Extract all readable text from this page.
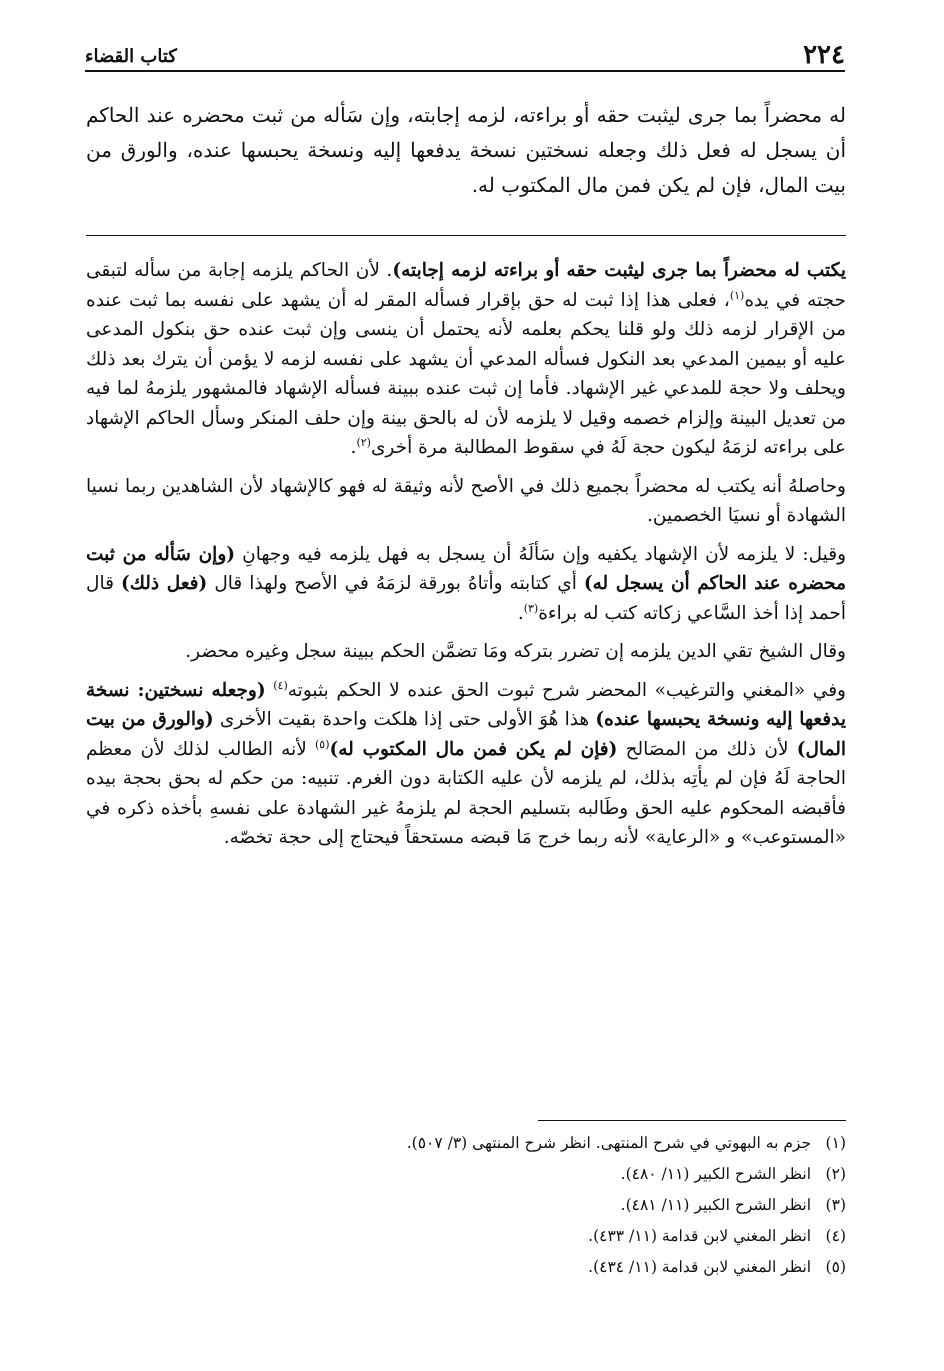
٢٢٤
كتاب القضاء
له محضراً بما جرى ليثبت حقه أو براءته، لزمه إجابته، وإن سَأله من ثبت محضره عند الحاكم أن يسجل له فعل ذلك وجعله نسختين نسخة يدفعها إليه ونسخة يحبسها عنده، والورق من بيت المال، فإن لم يكن فمن مال المكتوب له.

يكتب له محضراً بما جرى ليثبت حقه أو براءته لزمه إجابته). لأن الحاكم يلزمه إجابة من سأله لتبقى حجته في يده$^{(١)}$، فعلى هذا إذا ثبت له حق بإقرار فسأله المقر له أن يشهد على نفسه بما ثبت عنده من الإقرار لزمه ذلك ولو قلنا يحكم بعلمه لأنه يحتمل أن ينسى وإن ثبت عنده حق بنكول المدعى عليه أو بيمين المدعي بعد النكول فسأله المدعي أن يشهد على نفسه لزمه لا يؤمن أن يترك بعد ذلك ويحلف ولا حجة للمدعي غير الإشهاد. فأما إن ثبت عنده ببينة فسأله الإشهاد فالمشهور يلزمهُ لما فيه من تعديل البينة وإلزام خصمه وقيل لا يلزمه لأن له بالحق بينة وإن حلف المنكر وسأل الحاكم الإشهاد على براءته لزمَهُ ليكون حجة لَهُ في سقوط المطالبة مرة أخرى$^{(٢)}$.

وحاصلهُ أنه يكتب له محضراً بجميع ذلك في الأصح لأنه وثيقة له فهو كالإشهاد لأن الشاهدين ربما نسيا الشهادة أو نسيَا الخصمين.

وقيل: لا يلزمه لأن الإشهاد يكفيه وإن سَألَهُ أن يسجل به فهل يلزمه فيه وجهانِ (وإن سَأله من ثبت محضره عند الحاكم أن يسجل له) أي كتابته وأتاهُ بورقة لزمَهُ في الأصح ولهذا قال (فعل ذلك) قال أحمد إذا أخذ السَّاعي زكاته كتب له براءة$^{(٣)}$.

وقال الشيخ تقي الدين يلزمه إن تضرر بتركه ومَا تضمَّن الحكم ببينة سجل وغيره محضر.

وفي «المغني والترغيب» المحضر شرح ثبوت الحق عنده لا الحكم بثبوته$^{(٤)}$ (وجعله نسختين: نسخة يدفعها إليه ونسخة يحبسها عنده) هذا هُوَ الأولى حتى إذا هلكت واحدة بقيت الأخرى (والورق من بيت المال) لأن ذلك من المصَالح (فإن لم يكن فمن مال المكتوب له)$^{(٥)}$ لأنه الطالب لذلك لأن معظم الحاجة لَهُ فإن لم يأتِه بذلك، لم يلزمه لأن عليه الكتابة دون الغرم. تنبيه: من حكم له بحق بحجة بيده فأقبضه المحكوم عليه الحق وطَالبه بتسليم الحجة لم يلزمهُ غير الشهادة على نفسهِ بأخذه ذكره في «المستوعب» و «الرعاية» لأنه ربما خرج مَا قبضه مستحقاً فيحتاج إلى حجة تخصّه.

(١) جزم به البهوتي في شرح المنتهى. انظر شرح المنتهى (٣/ ٥٠٧).
(٢) انظر الشرح الكبير (١١/ ٤٨٠).
(٣) انظر الشرح الكبير (١١/ ٤٨١).
(٤) انظر المغني لابن قدامة (١١/ ٤٣٣).
(٥) انظر المغني لابن قدامة (١١/ ٤٣٤).
